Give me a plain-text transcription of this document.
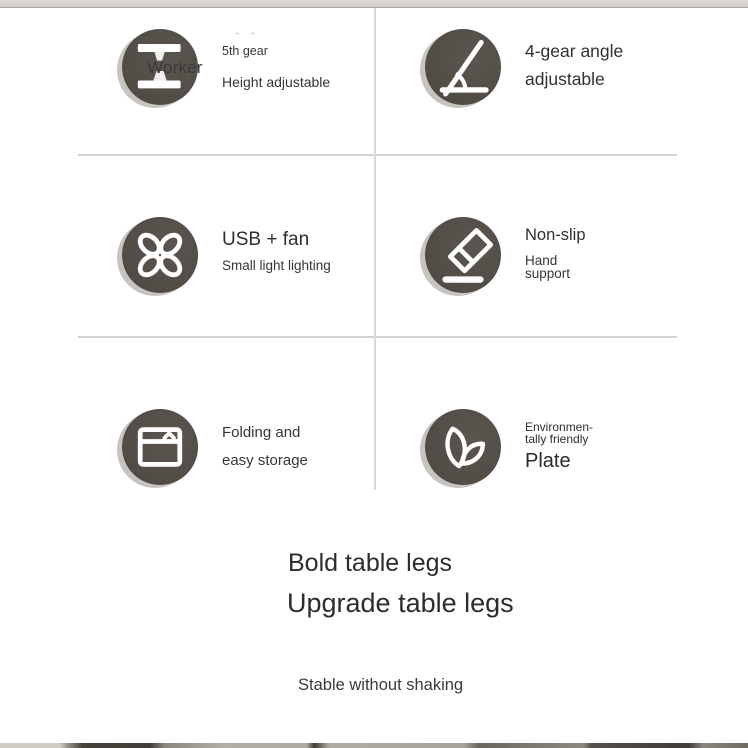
- -
Worker
5th gear
Height adjustable
4-gear angle
adjustable
USB + fan
Small light lighting
Non-slip
Hand
support
Folding and
easy storage
Environmen-
tally friendly
Plate
Bold table legs
Upgrade table legs
Stable without shaking
